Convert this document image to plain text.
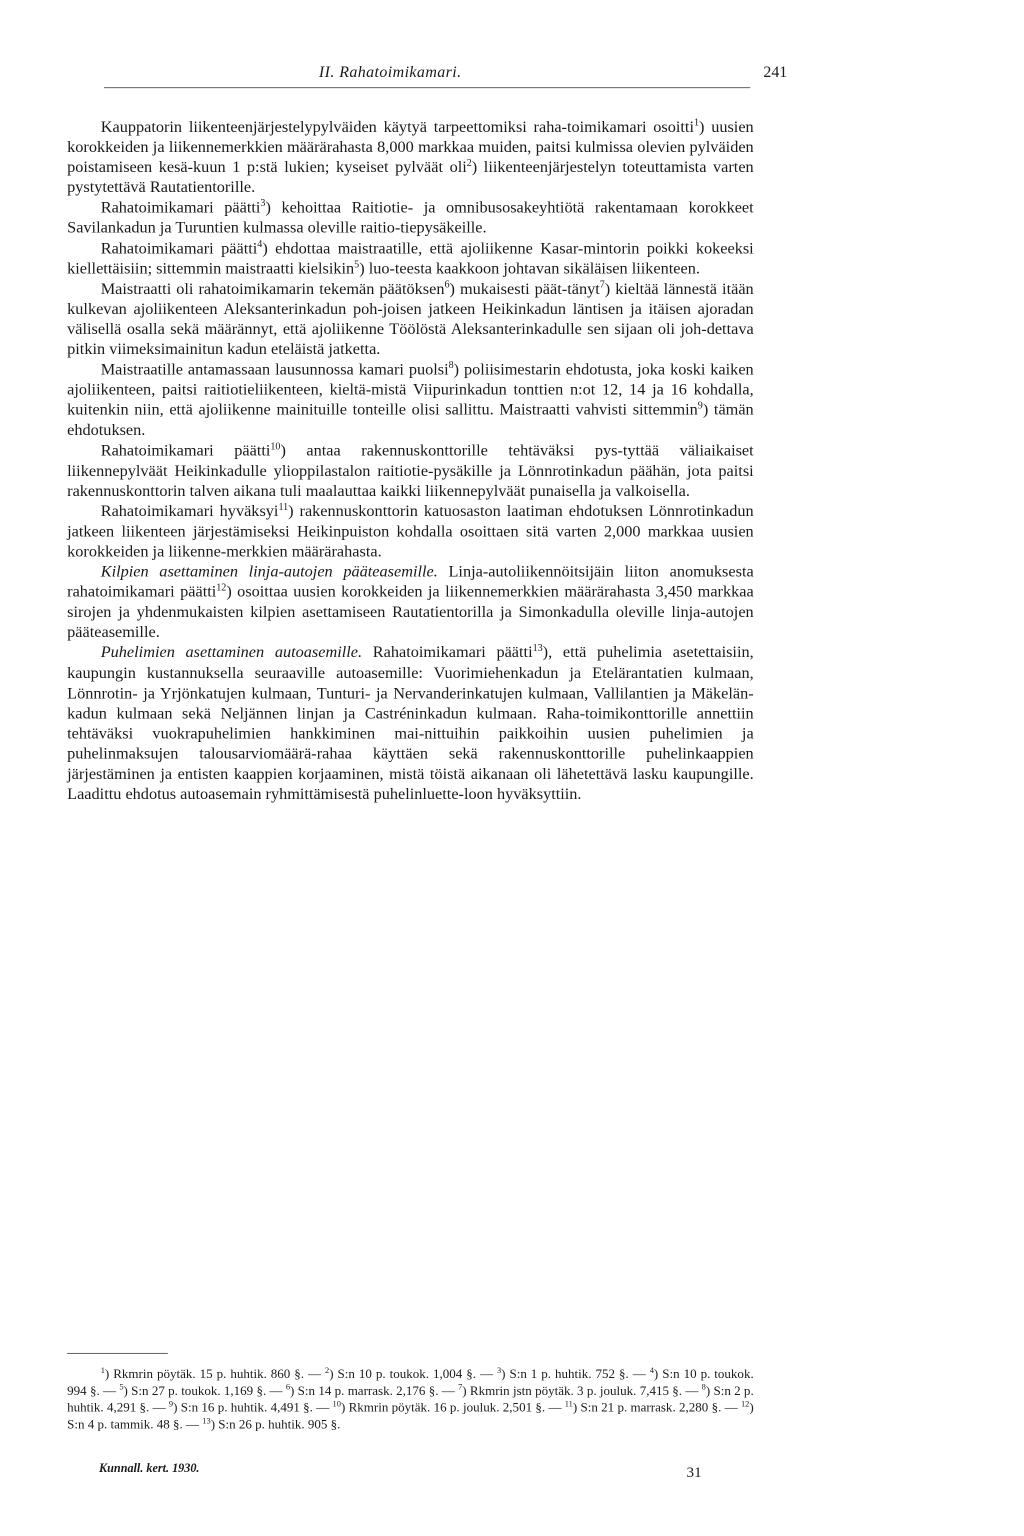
II. Rahatoimikamari.	241

Kauppatorin liikenteenjärjestelypylväiden käytyä tarpeettomiksi raha-toimikamari osoitti$^1$) uusien korokkeiden ja liikennemerkkien määrärahasta 8,000 markkaa muiden, paitsi kulmissa olevien pylväiden poistamiseen kesä-kuun 1 p:stä lukien; kyseiset pylväät oli$^2$) liikenteenjärjestelyn toteuttamista varten pystytettävä Rautatientorille.

Rahatoimikamari päätti$^3$) kehoittaa Raitiotie- ja omnibusosakeyhtiötä rakentamaan korokkeet Savilankadun ja Turuntien kulmassa oleville raitio-tiepysäkeille.

Rahatoimikamari päätti$^4$) ehdottaa maistraatille, että ajoliikenne Kasar-mintorin poikki kokeeksi kiellettäisiin; sittemmin maistraatti kielsikin$^5$) luo-teesta kaakkoon johtavan sikäläisen liikenteen.

Maistraatti oli rahatoimikamarin tekemän päätöksen$^6$) mukaisesti päät-tänyt$^7$) kieltää lännestä itään kulkevan ajoliikenteen Aleksanterinkadun poh-joisen jatkeen Heikinkadun läntisen ja itäisen ajoradan välisellä osalla sekä määrännyt, että ajoliikenne Töölöstä Aleksanterinkadulle sen sijaan oli joh-dettava pitkin viimeksimainitun kadun eteläistä jatketta.

Maistraatille antamassaan lausunnossa kamari puolsi$^8$) poliisimestarin ehdotusta, joka koski kaiken ajoliikenteen, paitsi raitiotieliikenteen, kieltä-mistä Viipurinkadun tonttien n:ot 12, 14 ja 16 kohdalla, kuitenkin niin, että ajoliikenne mainituille tonteille olisi sallittu. Maistraatti vahvisti sittemmin$^9$) tämän ehdotuksen.

Rahatoimikamari päätti$^{10}$) antaa rakennuskonttorille tehtäväksi pys-tyttää väliaikaiset liikennepylväät Heikinkadulle ylioppilastalon raitiotie-pysäkille ja Lönnrotinkadun päähän, jota paitsi rakennuskonttorin talven aikana tuli maalauttaa kaikki liikennepylväät punaisella ja valkoisella.

Rahatoimikamari hyväksyi$^{11}$) rakennuskonttorin katuosaston laatiman ehdotuksen Lönnrotinkadun jatkeen liikenteen järjestämiseksi Heikinpuiston kohdalla osoittaen sitä varten 2,000 markkaa uusien korokkeiden ja liikenne-merkkien määrärahasta.

Kilpien asettaminen linja-autojen pääteasemille. Linja-autoliikennöitsijäin liiton anomuksesta rahatoimikamari päätti$^{12}$) osoittaa uusien korokkeiden ja liikennemerkkien määrärahasta 3,450 markkaa sirojen ja yhdenmukaisten kilpien asettamiseen Rautatientorilla ja Simonkadulla oleville linja-autojen pääteasemille.

Puhelimien asettaminen autoasemille. Rahatoimikamari päätti$^{13}$), että puhelimia asetettaisiin, kaupungin kustannuksella seuraaville autoasemille: Vuorimiehenkadun ja Etelärantatien kulmaan, Lönnrotin- ja Yrjönkatujen kulmaan, Tunturi- ja Nervanderinkatujen kulmaan, Vallilantien ja Mäkelän-kadun kulmaan sekä Neljännen linjan ja Castréninkadun kulmaan. Raha-toimikonttorille annettiin tehtäväksi vuokrapuhelimien hankkiminen mai-nittuihin paikkoihin uusien puhelimien ja puhelinmaksujen talousarviomäärä-rahaa käyttäen sekä rakennuskonttorille puhelinkaappien järjestäminen ja entisten kaappien korjaaminen, mistä töistä aikanaan oli lähetettävä lasku kaupungille. Laadittu ehdotus autoasemain ryhmittämisestä puhelinluette-loon hyväksyttiin.

$^1$) Rkmrin pöytäk. 15 p. huhtik. 860 §. — $^2$) S:n 10 p. toukok. 1,004 §. — $^3$) S:n 1 p. huhtik. 752 §. — $^4$) S:n 10 p. toukok. 994 §. — $^5$) S:n 27 p. toukok. 1,169 §. — $^6$) S:n 14 p. marrask. 2,176 §. — $^7$) Rkmrin jstn pöytäk. 3 p. jouluk. 7,415 §. — $^8$) S:n 2 p. huhtik. 4,291 §. — $^9$) S:n 16 p. huhtik. 4,491 §. — $^{10}$) Rkmrin pöytäk. 16 p. jouluk. 2,501 §. — $^{11}$) S:n 21 p. marrask. 2,280 §. — $^{12}$) S:n 4 p. tammik. 48 §. — $^{13}$) S:n 26 p. huhtik. 905 §.

Kunnall. kert. 1930.	31
